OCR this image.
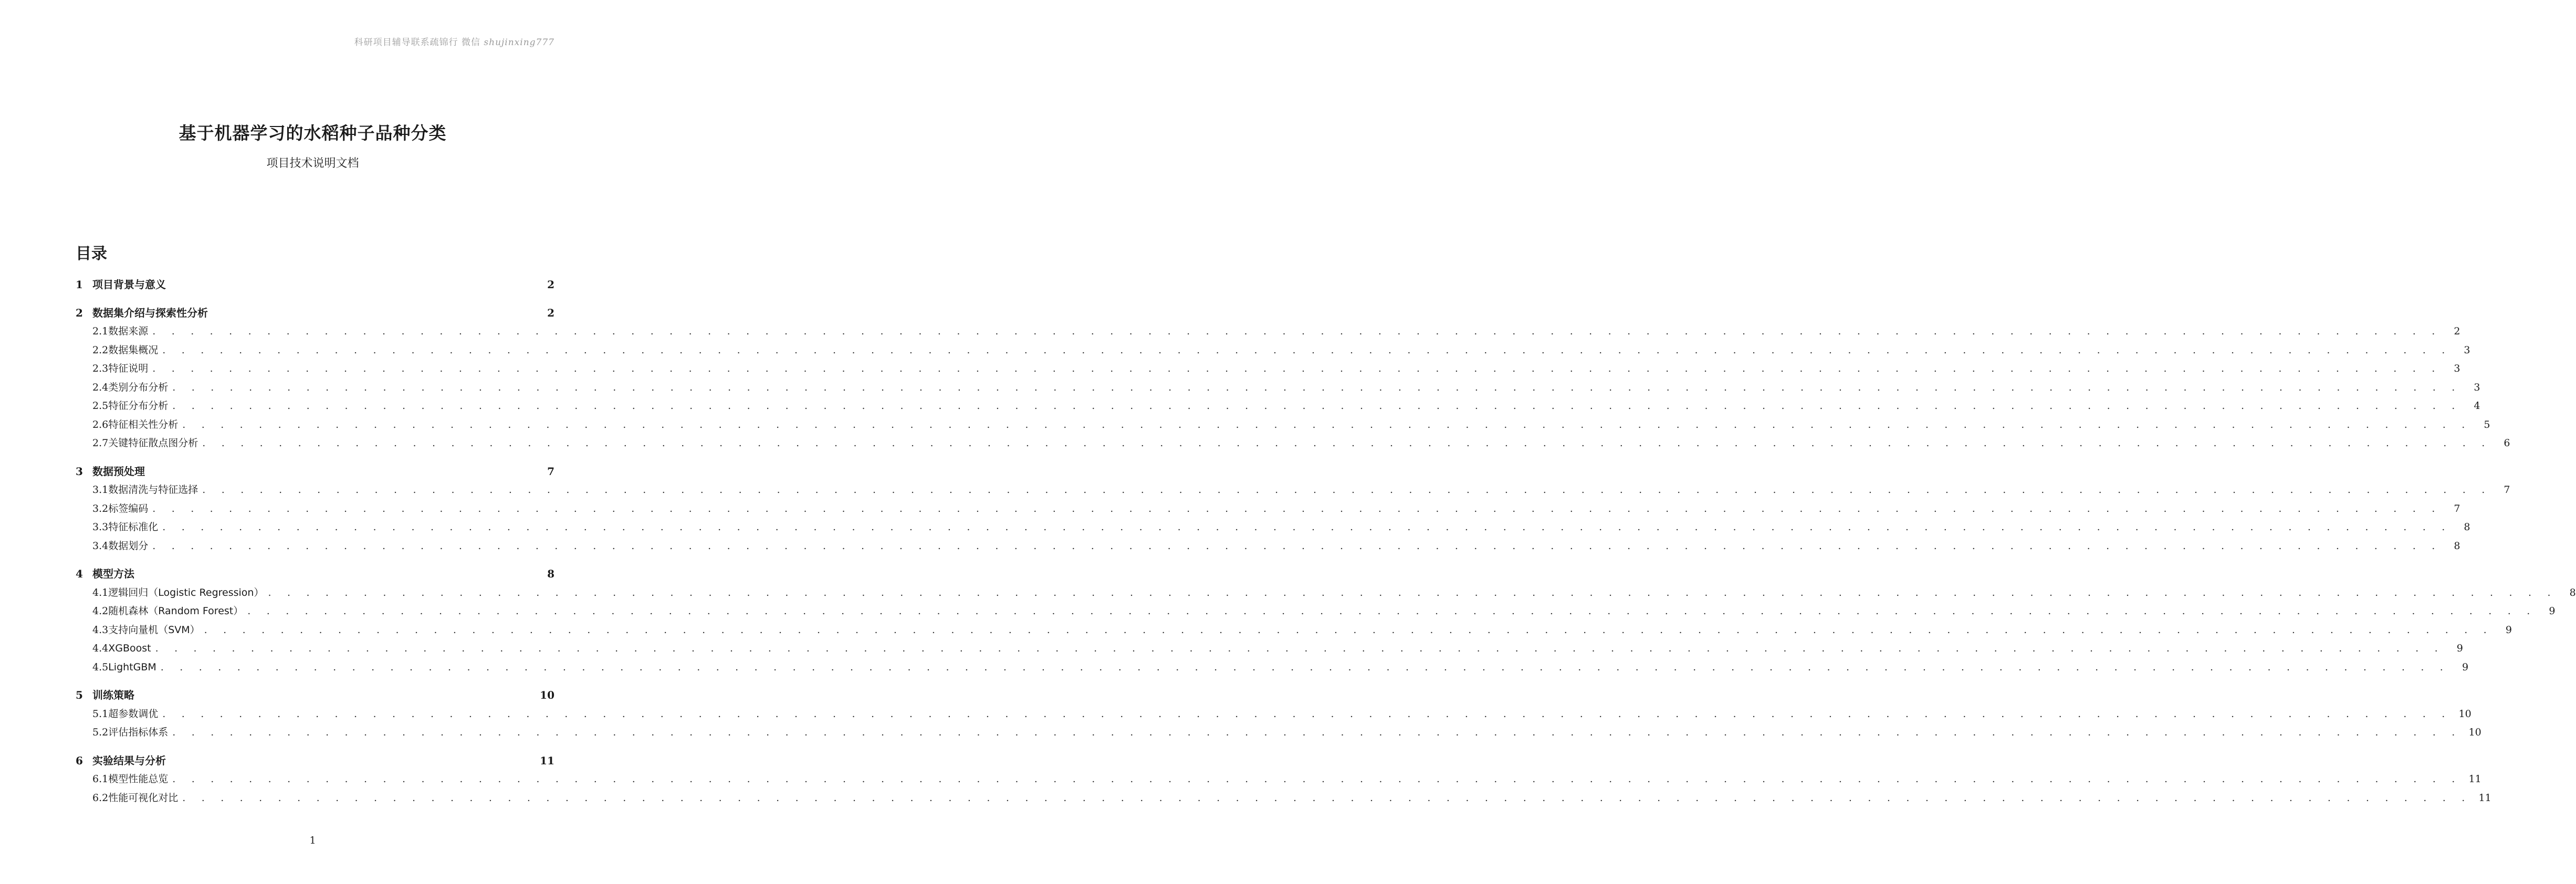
科研项目辅导联系疏锦行 微信 shujinxing777
基于机器学习的水稻种子品种分类

项目技术说明文档

目录
1 项目背景与意义	2
2 数据集介绍与探索性分析	2
2.1 数据来源 . . . . . . . . . . . . . . . . . . . . . . . . . . . . . . . . . . . . . . . . . . . . . . . . . . . . . . . . . . . . . . . . . . . . . . . . . . . . . . . . . . . . . . . . . . . . . . . . . . . . . . . . . . . . . . . . . . . . . . . .	2
2.2 数据集概况 . . . . . . . . . . . . . . . . . . . . . . . . . . . . . . . . . . . . . . . . . . . . . . . . . . . . . . . . . . . . . . . . . . . . . . . . . . . . . . . . . . . . . . . . . . . . . . . . . . . . . . . . . . . . . . . . . . . . . . . .	3
2.3 特征说明 . . . . . . . . . . . . . . . . . . . . . . . . . . . . . . . . . . . . . . . . . . . . . . . . . . . . . . . . . . . . . . . . . . . . . . . . . . . . . . . . . . . . . . . . . . . . . . . . . . . . . . . . . . . . . . . . . . . . . . . .	3
2.4 类别分布分析 . . . . . . . . . . . . . . . . . . . . . . . . . . . . . . . . . . . . . . . . . . . . . . . . . . . . . . . . . . . . . . . . . . . . . . . . . . . . . . . . . . . . . . . . . . . . . . . . . . . . . . . . . . . . . . . . . . . . . . . .	3
2.5 特征分布分析 . . . . . . . . . . . . . . . . . . . . . . . . . . . . . . . . . . . . . . . . . . . . . . . . . . . . . . . . . . . . . . . . . . . . . . . . . . . . . . . . . . . . . . . . . . . . . . . . . . . . . . . . . . . . . . . . . . . . . . . .	4
2.6 特征相关性分析 . . . . . . . . . . . . . . . . . . . . . . . . . . . . . . . . . . . . . . . . . . . . . . . . . . . . . . . . . . . . . . . . . . . . . . . . . . . . . . . . . . . . . . . . . . . . . . . . . . . . . . . . . . . . . . . . . . . . . . . .	5
2.7 关键特征散点图分析 . . . . . . . . . . . . . . . . . . . . . . . . . . . . . . . . . . . . . . . . . . . . . . . . . . . . . . . . . . . . . . . . . . . . . . . . . . . . . . . . . . . . . . . . . . . . . . . . . . . . . . . . . . . . . . . . . . . . . . . .	6
3 数据预处理	7
3.1 数据清洗与特征选择 . . . . . . . . . . . . . . . . . . . . . . . . . . . . . . . . . . . . . . . . . . . . . . . . . . . . . . . . . . . . . . . . . . . . . . . . . . . . . . . . . . . . . . . . . . . . . . . . . . . . . . . . . . . . . . . . . . . . . . . .	7
3.2 标签编码 . . . . . . . . . . . . . . . . . . . . . . . . . . . . . . . . . . . . . . . . . . . . . . . . . . . . . . . . . . . . . . . . . . . . . . . . . . . . . . . . . . . . . . . . . . . . . . . . . . . . . . . . . . . . . . . . . . . . . . . .	7
3.3 特征标准化 . . . . . . . . . . . . . . . . . . . . . . . . . . . . . . . . . . . . . . . . . . . . . . . . . . . . . . . . . . . . . . . . . . . . . . . . . . . . . . . . . . . . . . . . . . . . . . . . . . . . . . . . . . . . . . . . . . . . . . . .	8
3.4 数据划分 . . . . . . . . . . . . . . . . . . . . . . . . . . . . . . . . . . . . . . . . . . . . . . . . . . . . . . . . . . . . . . . . . . . . . . . . . . . . . . . . . . . . . . . . . . . . . . . . . . . . . . . . . . . . . . . . . . . . . . . .	8
4 模型方法	8
4.1 逻辑回归（Logistic Regression） . . . . . . . . . . . . . . . . . . . . . . . . . . . . . . . . . . . . . . . . . . . . . . . . . . . . . . . . . . . . . . . . . . . . . . . . . . . . . . . . . . . . . . . . . . . . . . . . . . . . . . . . . . . . . . . . . . . . . . . .	8
4.2 随机森林（Random Forest） . . . . . . . . . . . . . . . . . . . . . . . . . . . . . . . . . . . . . . . . . . . . . . . . . . . . . . . . . . . . . . . . . . . . . . . . . . . . . . . . . . . . . . . . . . . . . . . . . . . . . . . . . . . . . . . . . . . . . . . .	9
4.3 支持向量机（SVM） . . . . . . . . . . . . . . . . . . . . . . . . . . . . . . . . . . . . . . . . . . . . . . . . . . . . . . . . . . . . . . . . . . . . . . . . . . . . . . . . . . . . . . . . . . . . . . . . . . . . . . . . . . . . . . . . . . . . . . . .	9
4.4 XGBoost . . . . . . . . . . . . . . . . . . . . . . . . . . . . . . . . . . . . . . . . . . . . . . . . . . . . . . . . . . . . . . . . . . . . . . . . . . . . . . . . . . . . . . . . . . . . . . . . . . . . . . . . . . . . . . . . . . . . . . . .	9
4.5 LightGBM . . . . . . . . . . . . . . . . . . . . . . . . . . . . . . . . . . . . . . . . . . . . . . . . . . . . . . . . . . . . . . . . . . . . . . . . . . . . . . . . . . . . . . . . . . . . . . . . . . . . . . . . . . . . . . . . . . . . . . . .	9
5 训练策略	10
5.1 超参数调优 . . . . . . . . . . . . . . . . . . . . . . . . . . . . . . . . . . . . . . . . . . . . . . . . . . . . . . . . . . . . . . . . . . . . . . . . . . . . . . . . . . . . . . . . . . . . . . . . . . . . . . . . . . . . . . . . . . . . . . . . 10
5.2 评估指标体系 . . . . . . . . . . . . . . . . . . . . . . . . . . . . . . . . . . . . . . . . . . . . . . . . . . . . . . . . . . . . . . . . . . . . . . . . . . . . . . . . . . . . . . . . . . . . . . . . . . . . . . . . . . . . . . . . . . . . . . . . 10
6 实验结果与分析	11
6.1 模型性能总览 . . . . . . . . . . . . . . . . . . . . . . . . . . . . . . . . . . . . . . . . . . . . . . . . . . . . . . . . . . . . . . . . . . . . . . . . . . . . . . . . . . . . . . . . . . . . . . . . . . . . . . . . . . . . . . . . . . . . . . . . 11
6.2 性能可视化对比 . . . . . . . . . . . . . . . . . . . . . . . . . . . . . . . . . . . . . . . . . . . . . . . . . . . . . . . . . . . . . . . . . . . . . . . . . . . . . . . . . . . . . . . . . . . . . . . . . . . . . . . . . . . . . . . . . . . . . . . . 11
1
